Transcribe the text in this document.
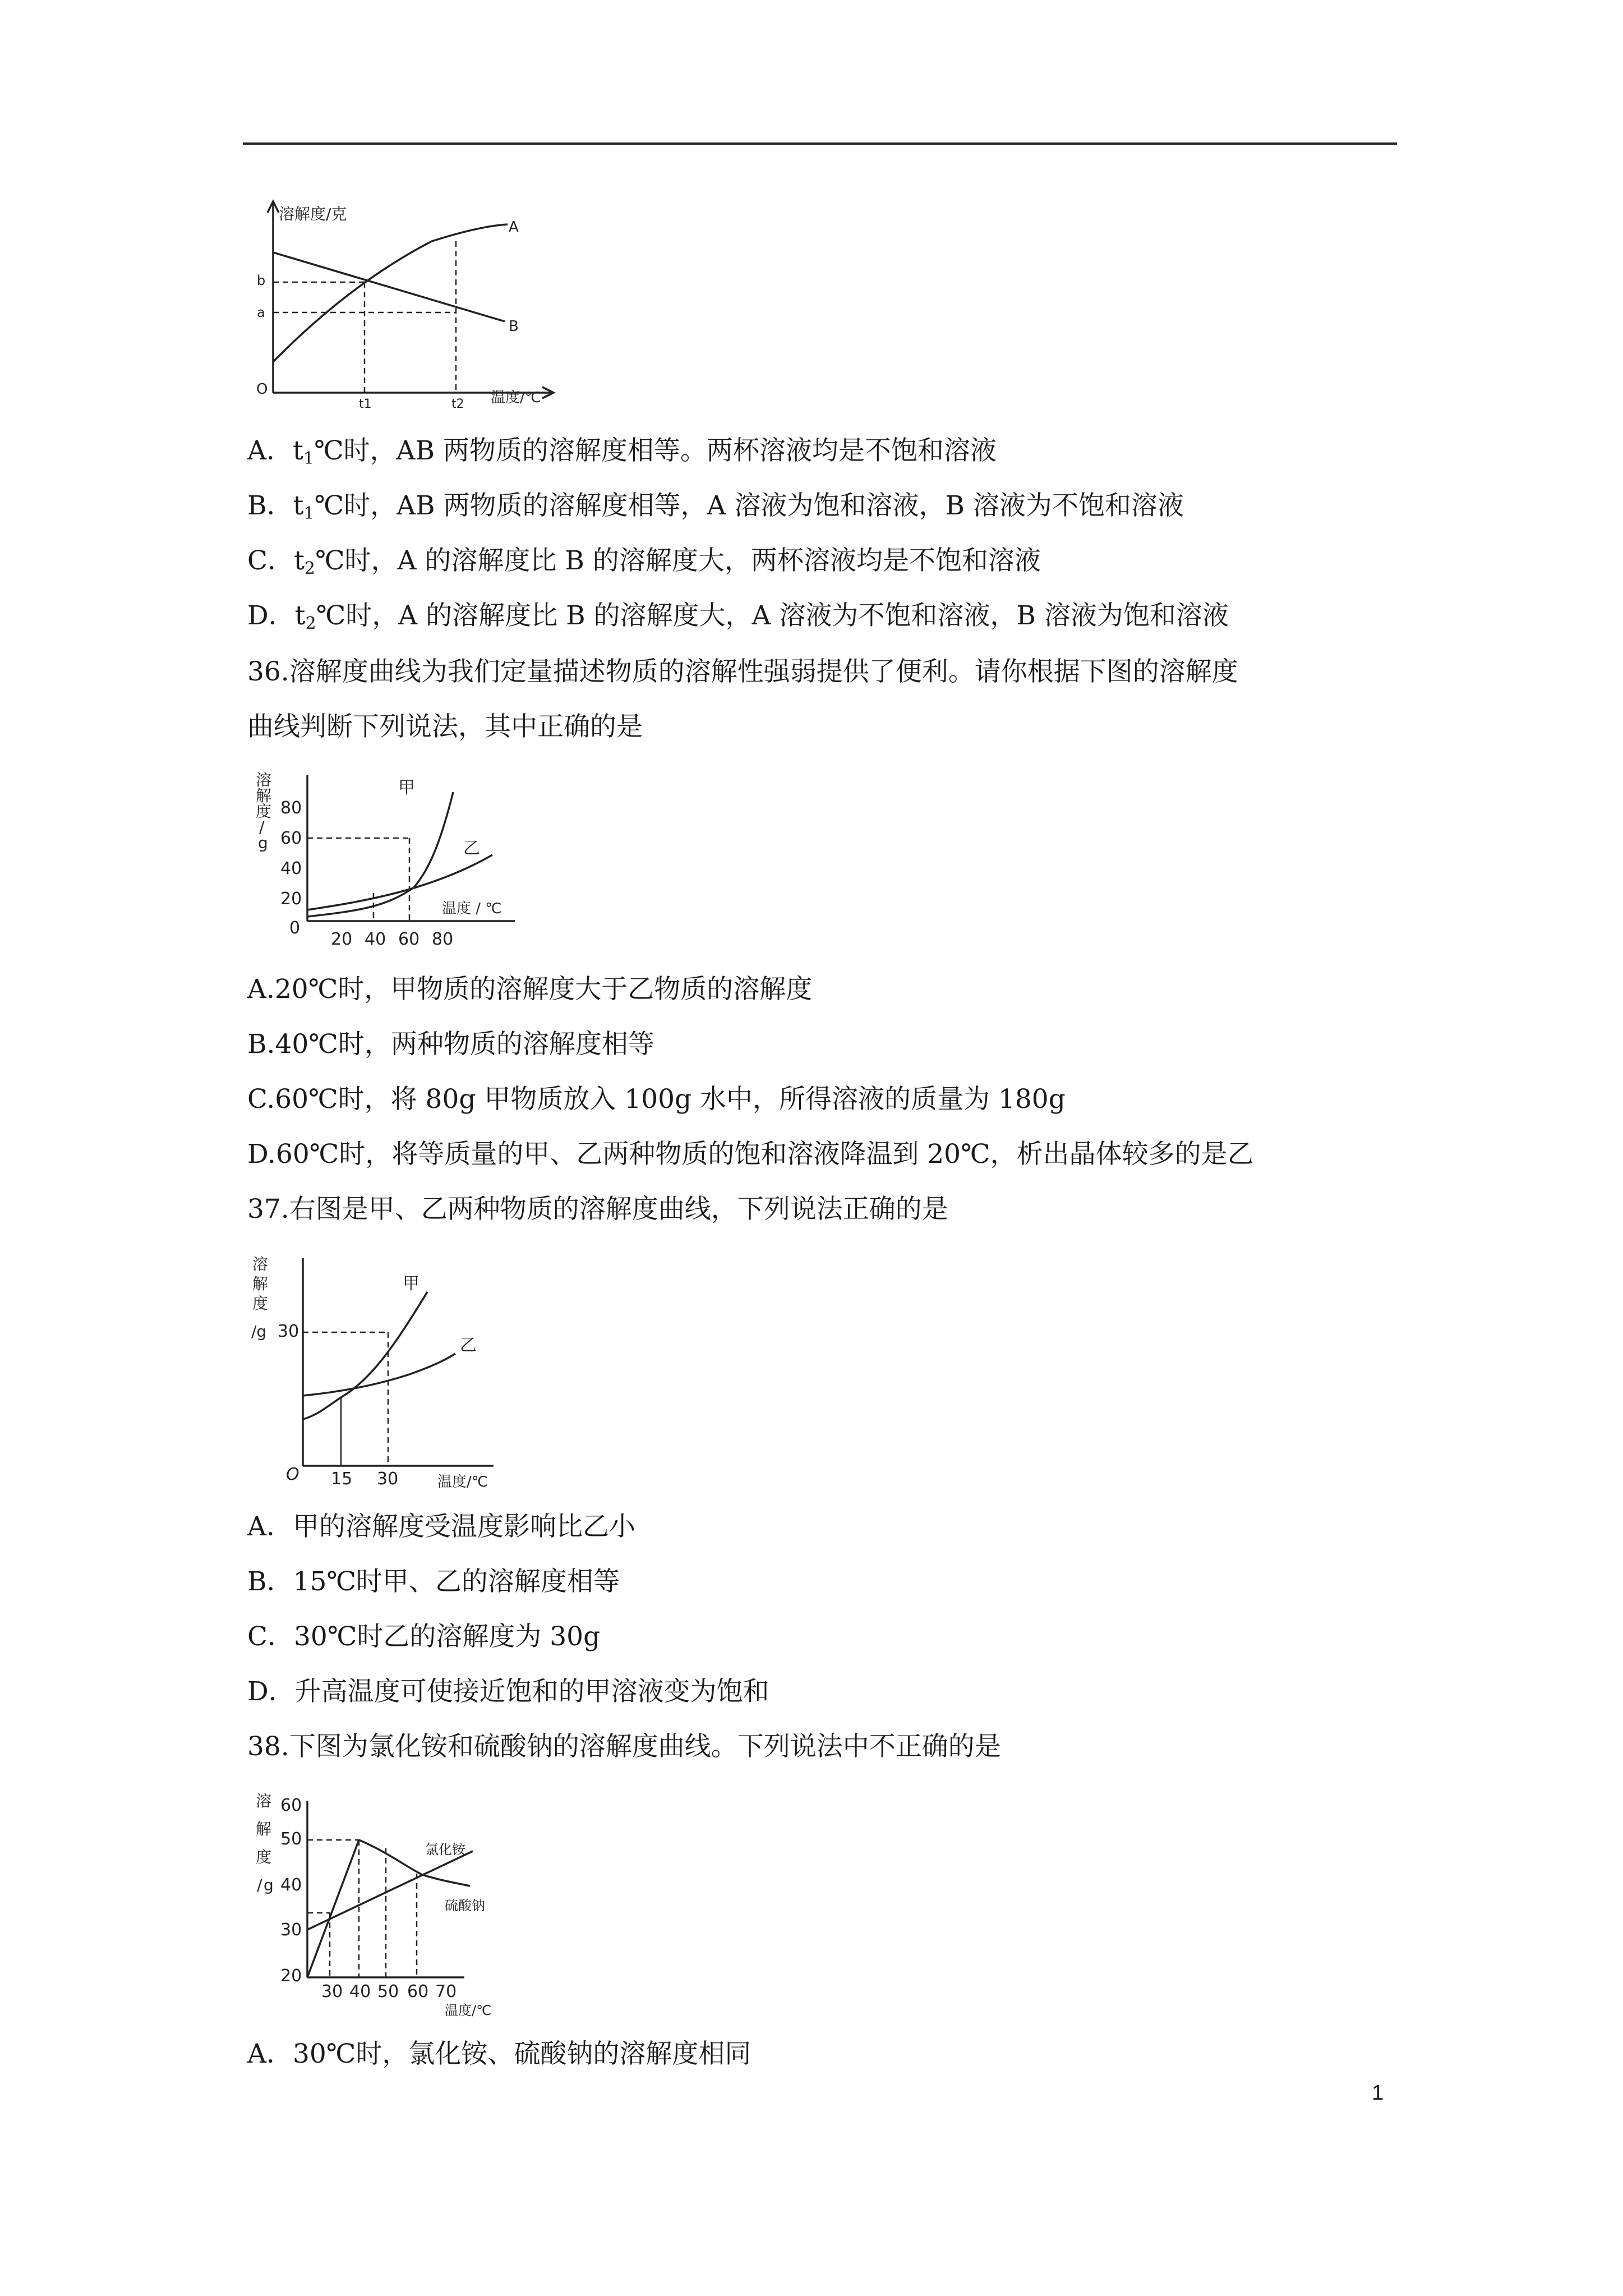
溶解度/克
b
a
O
A
B
t1	t2 温度/℃
A．$t_1℃$时，AB 两物质的溶解度相等。两杯溶液均是不饱和溶液
B．$t_1℃$时，AB 两物质的溶解度相等，A 溶液为饱和溶液，B 溶液为不饱和溶液
C．$t_2℃$时，A 的溶解度比 B 的溶解度大，两杯溶液均是不饱和溶液
D．$t_2℃$时，A 的溶解度比 B 的溶解度大，A 溶液为不饱和溶液，B 溶液为饱和溶液
36.溶解度曲线为我们定量描述物质的溶解性强弱提供了便利。请你根据下图的溶解度
曲线判断下列说法，其中正确的是
溶
解
度
/
g
80
60
40
20
0
20 40 60 80
温度 / ℃
甲
乙
A.20℃时，甲物质的溶解度大于乙物质的溶解度
B.40℃时，两种物质的溶解度相等
C.60℃时，将 80g 甲物质放入 100g 水中，所得溶液的质量为 180g
D.60℃时，将等质量的甲、乙两种物质的饱和溶液降温到 20℃，析出晶体较多的是乙
37.右图是甲、乙两种物质的溶解度曲线，下列说法正确的是
溶
解
度
/g 30
O 15 30	温度/℃
甲
乙
A．甲的溶解度受温度影响比乙小
B．15℃时甲、乙的溶解度相等
C．30℃时乙的溶解度为 30g
D．升高温度可使接近饱和的甲溶液变为饱和
38.下图为氯化铵和硫酸钠的溶解度曲线。下列说法中不正确的是
溶
解
度
/ g
60
50
40
30
20
30 40 50 60 70
温度/℃
氯化铵
硫酸钠
A．30℃时，氯化铵、硫酸钠的溶解度相同
1
